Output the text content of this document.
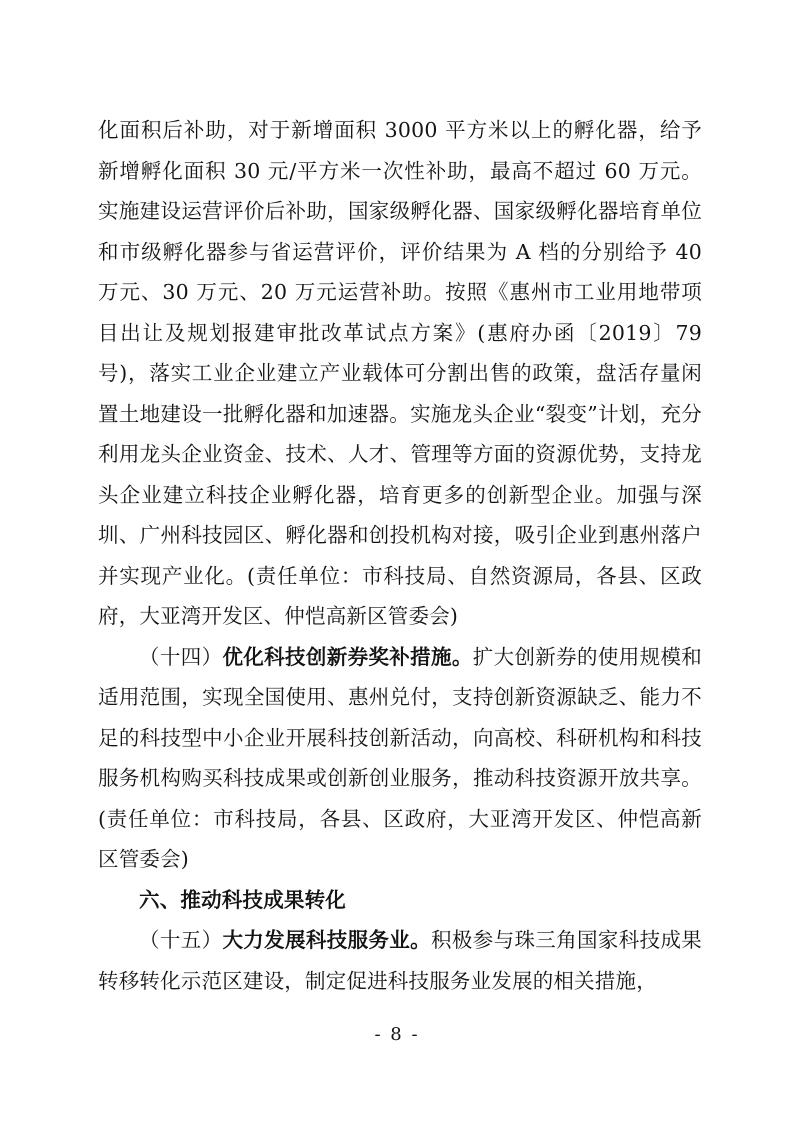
化面积后补助，对于新增面积 3000 平方米以上的孵化器，给予新增孵化面积 30 元/平方米一次性补助，最高不超过 60 万元。实施建设运营评价后补助，国家级孵化器、国家级孵化器培育单位和市级孵化器参与省运营评价，评价结果为 A 档的分别给予 40 万元、30 万元、20 万元运营补助。按照《惠州市工业用地带项目出让及规划报建审批改革试点方案》(惠府办函〔2019〕79 号)，落实工业企业建立产业载体可分割出售的政策，盘活存量闲置土地建设一批孵化器和加速器。实施龙头企业“裂变”计划，充分利用龙头企业资金、技术、人才、管理等方面的资源优势，支持龙头企业建立科技企业孵化器，培育更多的创新型企业。加强与深圳、广州科技园区、孵化器和创投机构对接，吸引企业到惠州落户并实现产业化。(责任单位：市科技局、自然资源局，各县、区政府，大亚湾开发区、仲恺高新区管委会)

（十四）优化科技创新券奖补措施。扩大创新券的使用规模和适用范围，实现全国使用、惠州兑付，支持创新资源缺乏、能力不足的科技型中小企业开展科技创新活动，向高校、科研机构和科技服务机构购买科技成果或创新创业服务，推动科技资源开放共享。(责任单位：市科技局，各县、区政府，大亚湾开发区、仲恺高新区管委会)

六、推动科技成果转化

（十五）大力发展科技服务业。积极参与珠三角国家科技成果转移转化示范区建设，制定促进科技服务业发展的相关措施，

- 8 -
